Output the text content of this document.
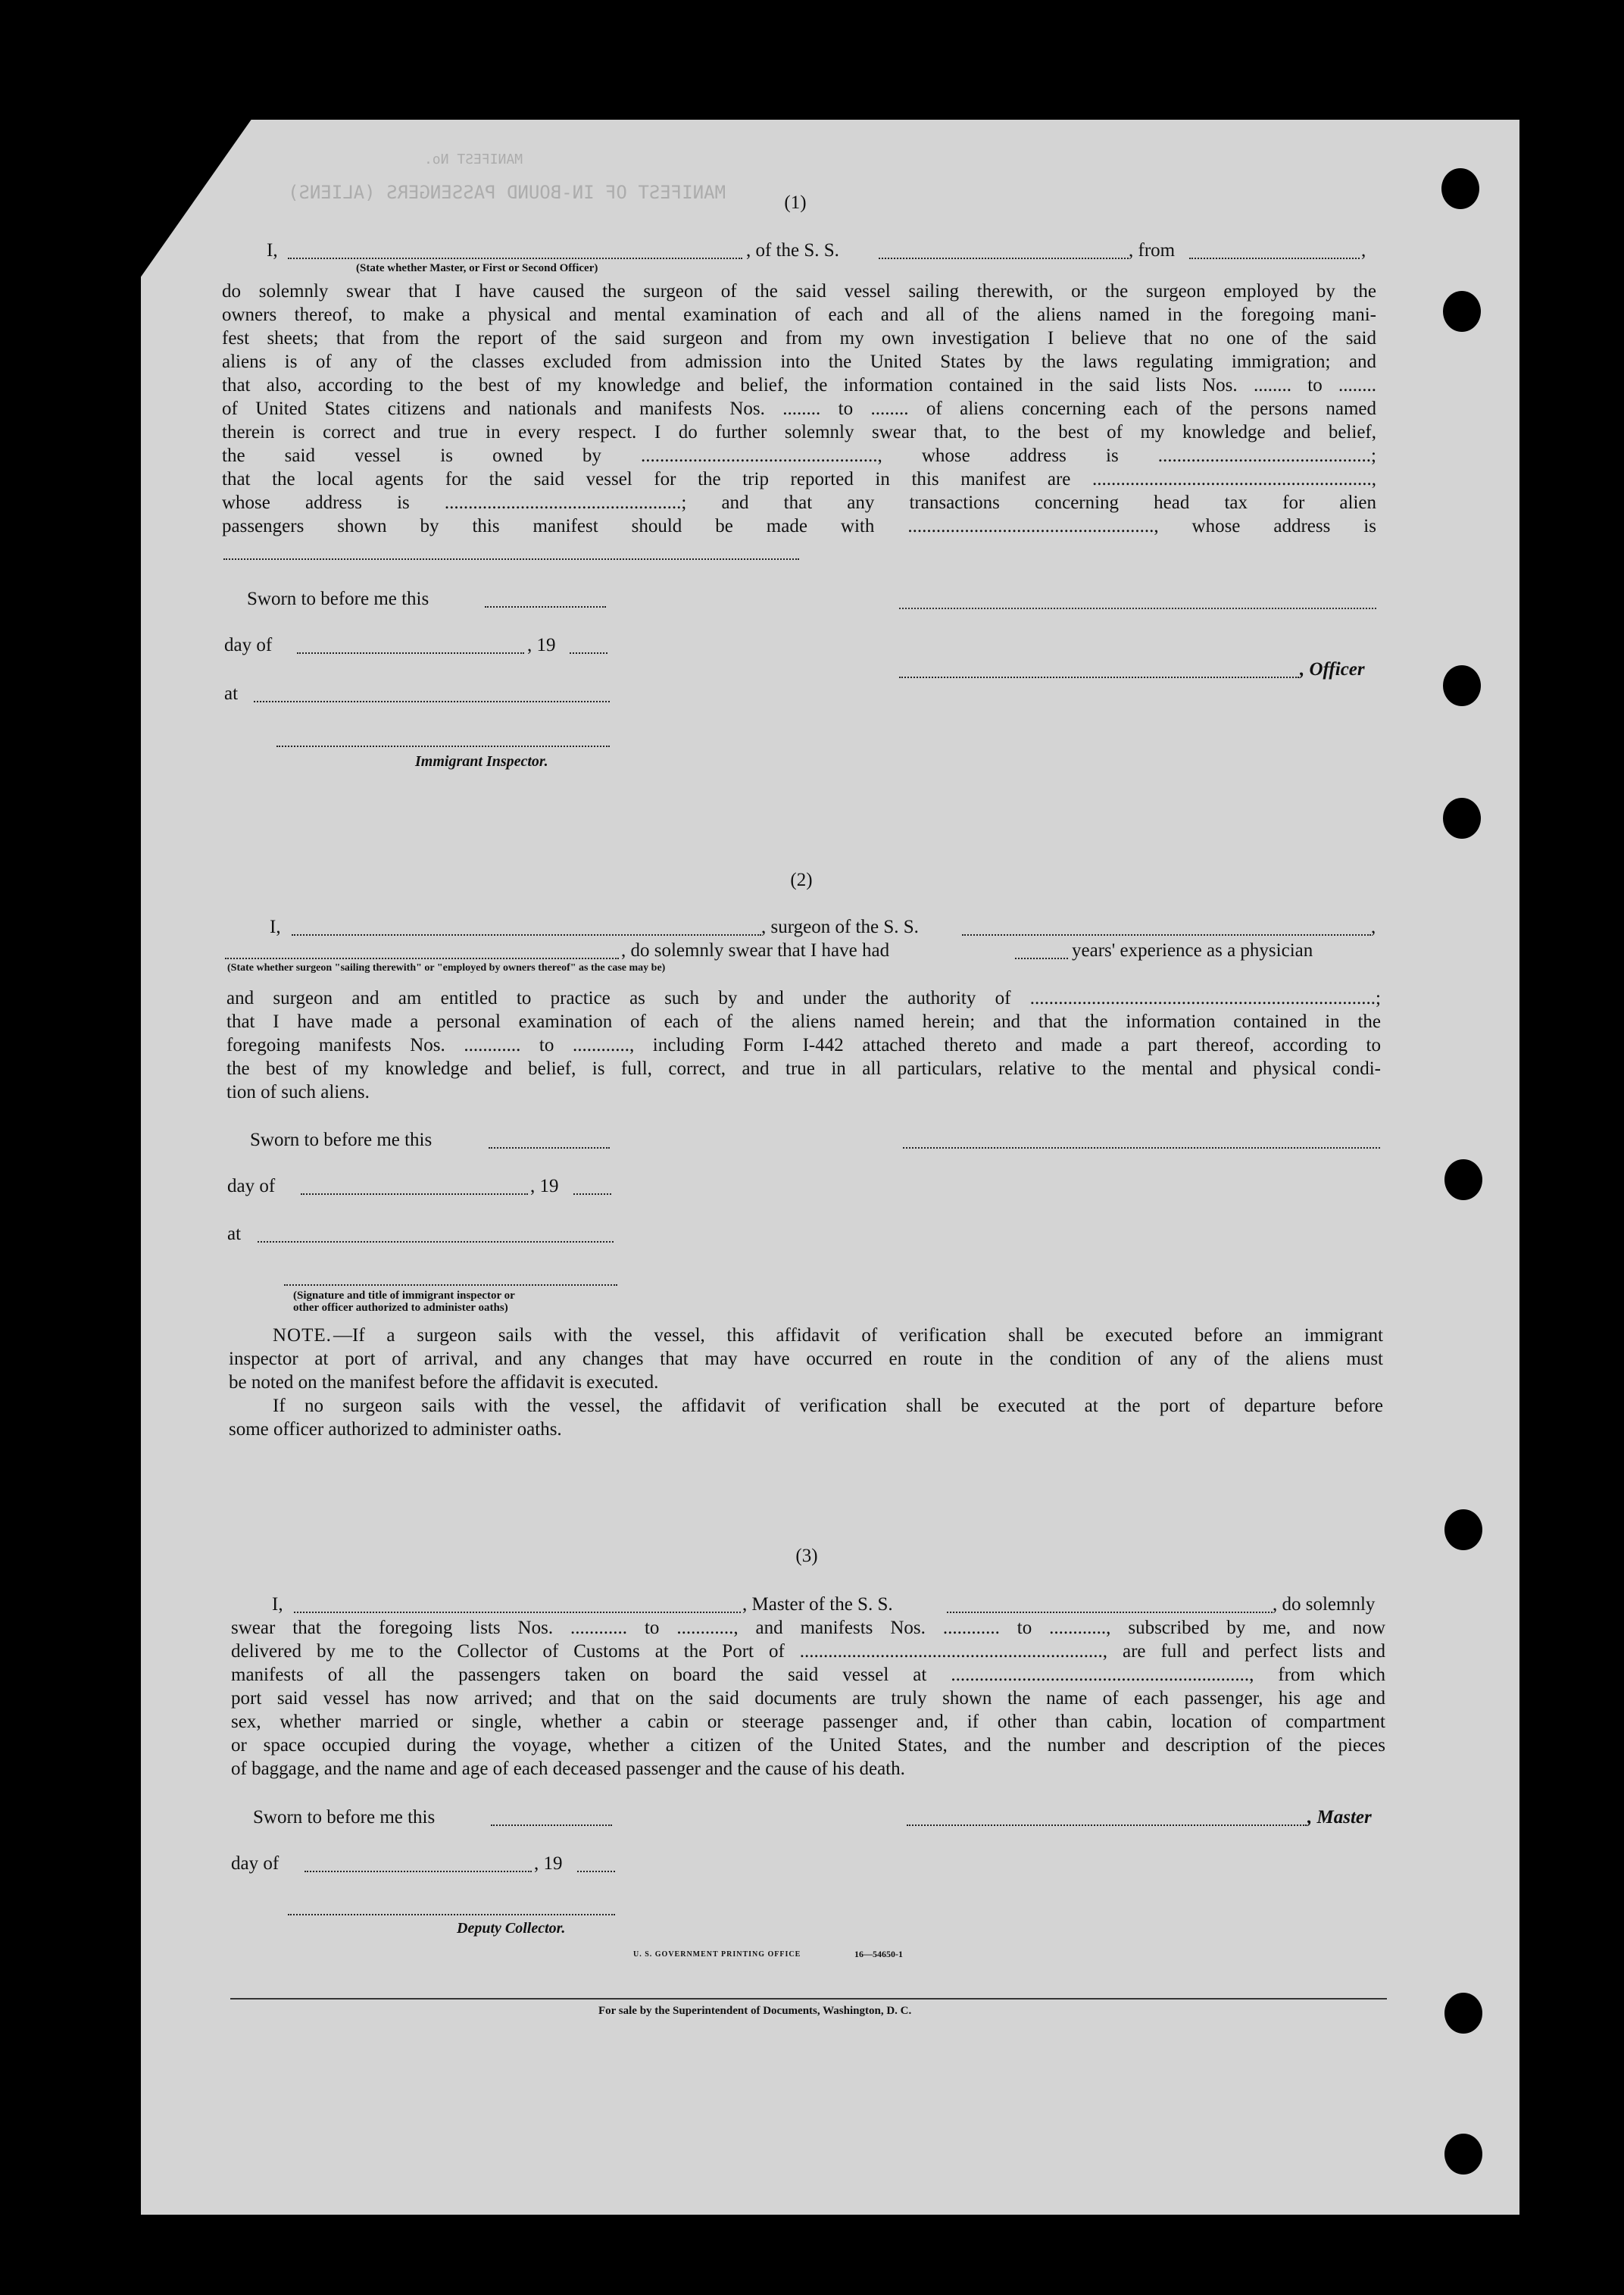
MANIFEST OF IN-BOUND PASSENGERS (ALIENS)
MANIFEST No.
(1)
I,	, of the S. S.	, from	,
(State whether Master, or First or Second Officer)
do solemnly swear that I have caused the surgeon of the said vessel sailing therewith, or the surgeon employed by the
owners thereof, to make a physical and mental examination of each and all of the aliens named in the foregoing mani-
fest sheets; that from the report of the said surgeon and from my own investigation I believe that no one of the said
aliens is of any of the classes excluded from admission into the United States by the laws regulating immigration; and
that also, according to the best of my knowledge and belief, the information contained in the said lists Nos. ........ to ........
of United States citizens and nationals and manifests Nos. ........ to ........ of aliens concerning each of the persons named
therein is correct and true in every respect. I do further solemnly swear that, to the best of my knowledge and belief,
the said vessel is owned by .................................................., whose address is .............................................;
that the local agents for the said vessel for the trip reported in this manifest are ...........................................................,
whose address is ..................................................; and that any transactions concerning head tax for alien
passengers shown by this manifest should be made with ...................................................., whose address is
Sworn to before me this
day of	, 19
, Officer
at
Immigrant Inspector.
(2)
I,	, surgeon of the S. S.	,
, do solemnly swear that I have had	years' experience as a physician
(State whether surgeon "sailing therewith" or "employed by owners thereof" as the case may be)
and surgeon and am entitled to practice as such by and under the authority of .........................................................................;
that I have made a personal examination of each of the aliens named herein; and that the information contained in the
foregoing manifests Nos. ............ to ............, including Form I-442 attached thereto and made a part thereof, according to
the best of my knowledge and belief, is full, correct, and true in all particulars, relative to the mental and physical condi-
tion of such aliens.
Sworn to before me this
day of	, 19
at
(Signature and title of immigrant inspector or
other officer authorized to administer oaths)
NOTE. —If a surgeon sails with the vessel, this affidavit of verification shall be executed before an immigrant
inspector at port of arrival, and any changes that may have occurred en route in the condition of any of the aliens must
be noted on the manifest before the affidavit is executed.
If no surgeon sails with the vessel, the affidavit of verification shall be executed at the port of departure before
some officer authorized to administer oaths.
(3)
I,	, Master of the S. S.	, do solemnly
swear that the foregoing lists Nos. ............ to ............, and manifests Nos. ............ to ............, subscribed by me, and now
delivered by me to the Collector of Customs at the Port of ................................................................, are full and perfect lists and
manifests of all the passengers taken on board the said vessel at ..............................................................., from which
port said vessel has now arrived; and that on the said documents are truly shown the name of each passenger, his age and
sex, whether married or single, whether a cabin or steerage passenger and, if other than cabin, location of compartment
or space occupied during the voyage, whether a citizen of the United States, and the number and description of the pieces
of baggage, and the name and age of each deceased passenger and the cause of his death.
Sworn to before me this	, Master
day of	, 19
Deputy Collector.
U. S. GOVERNMENT PRINTING OFFICE	16—54650-1
For sale by the Superintendent of Documents, Washington, D. C.
